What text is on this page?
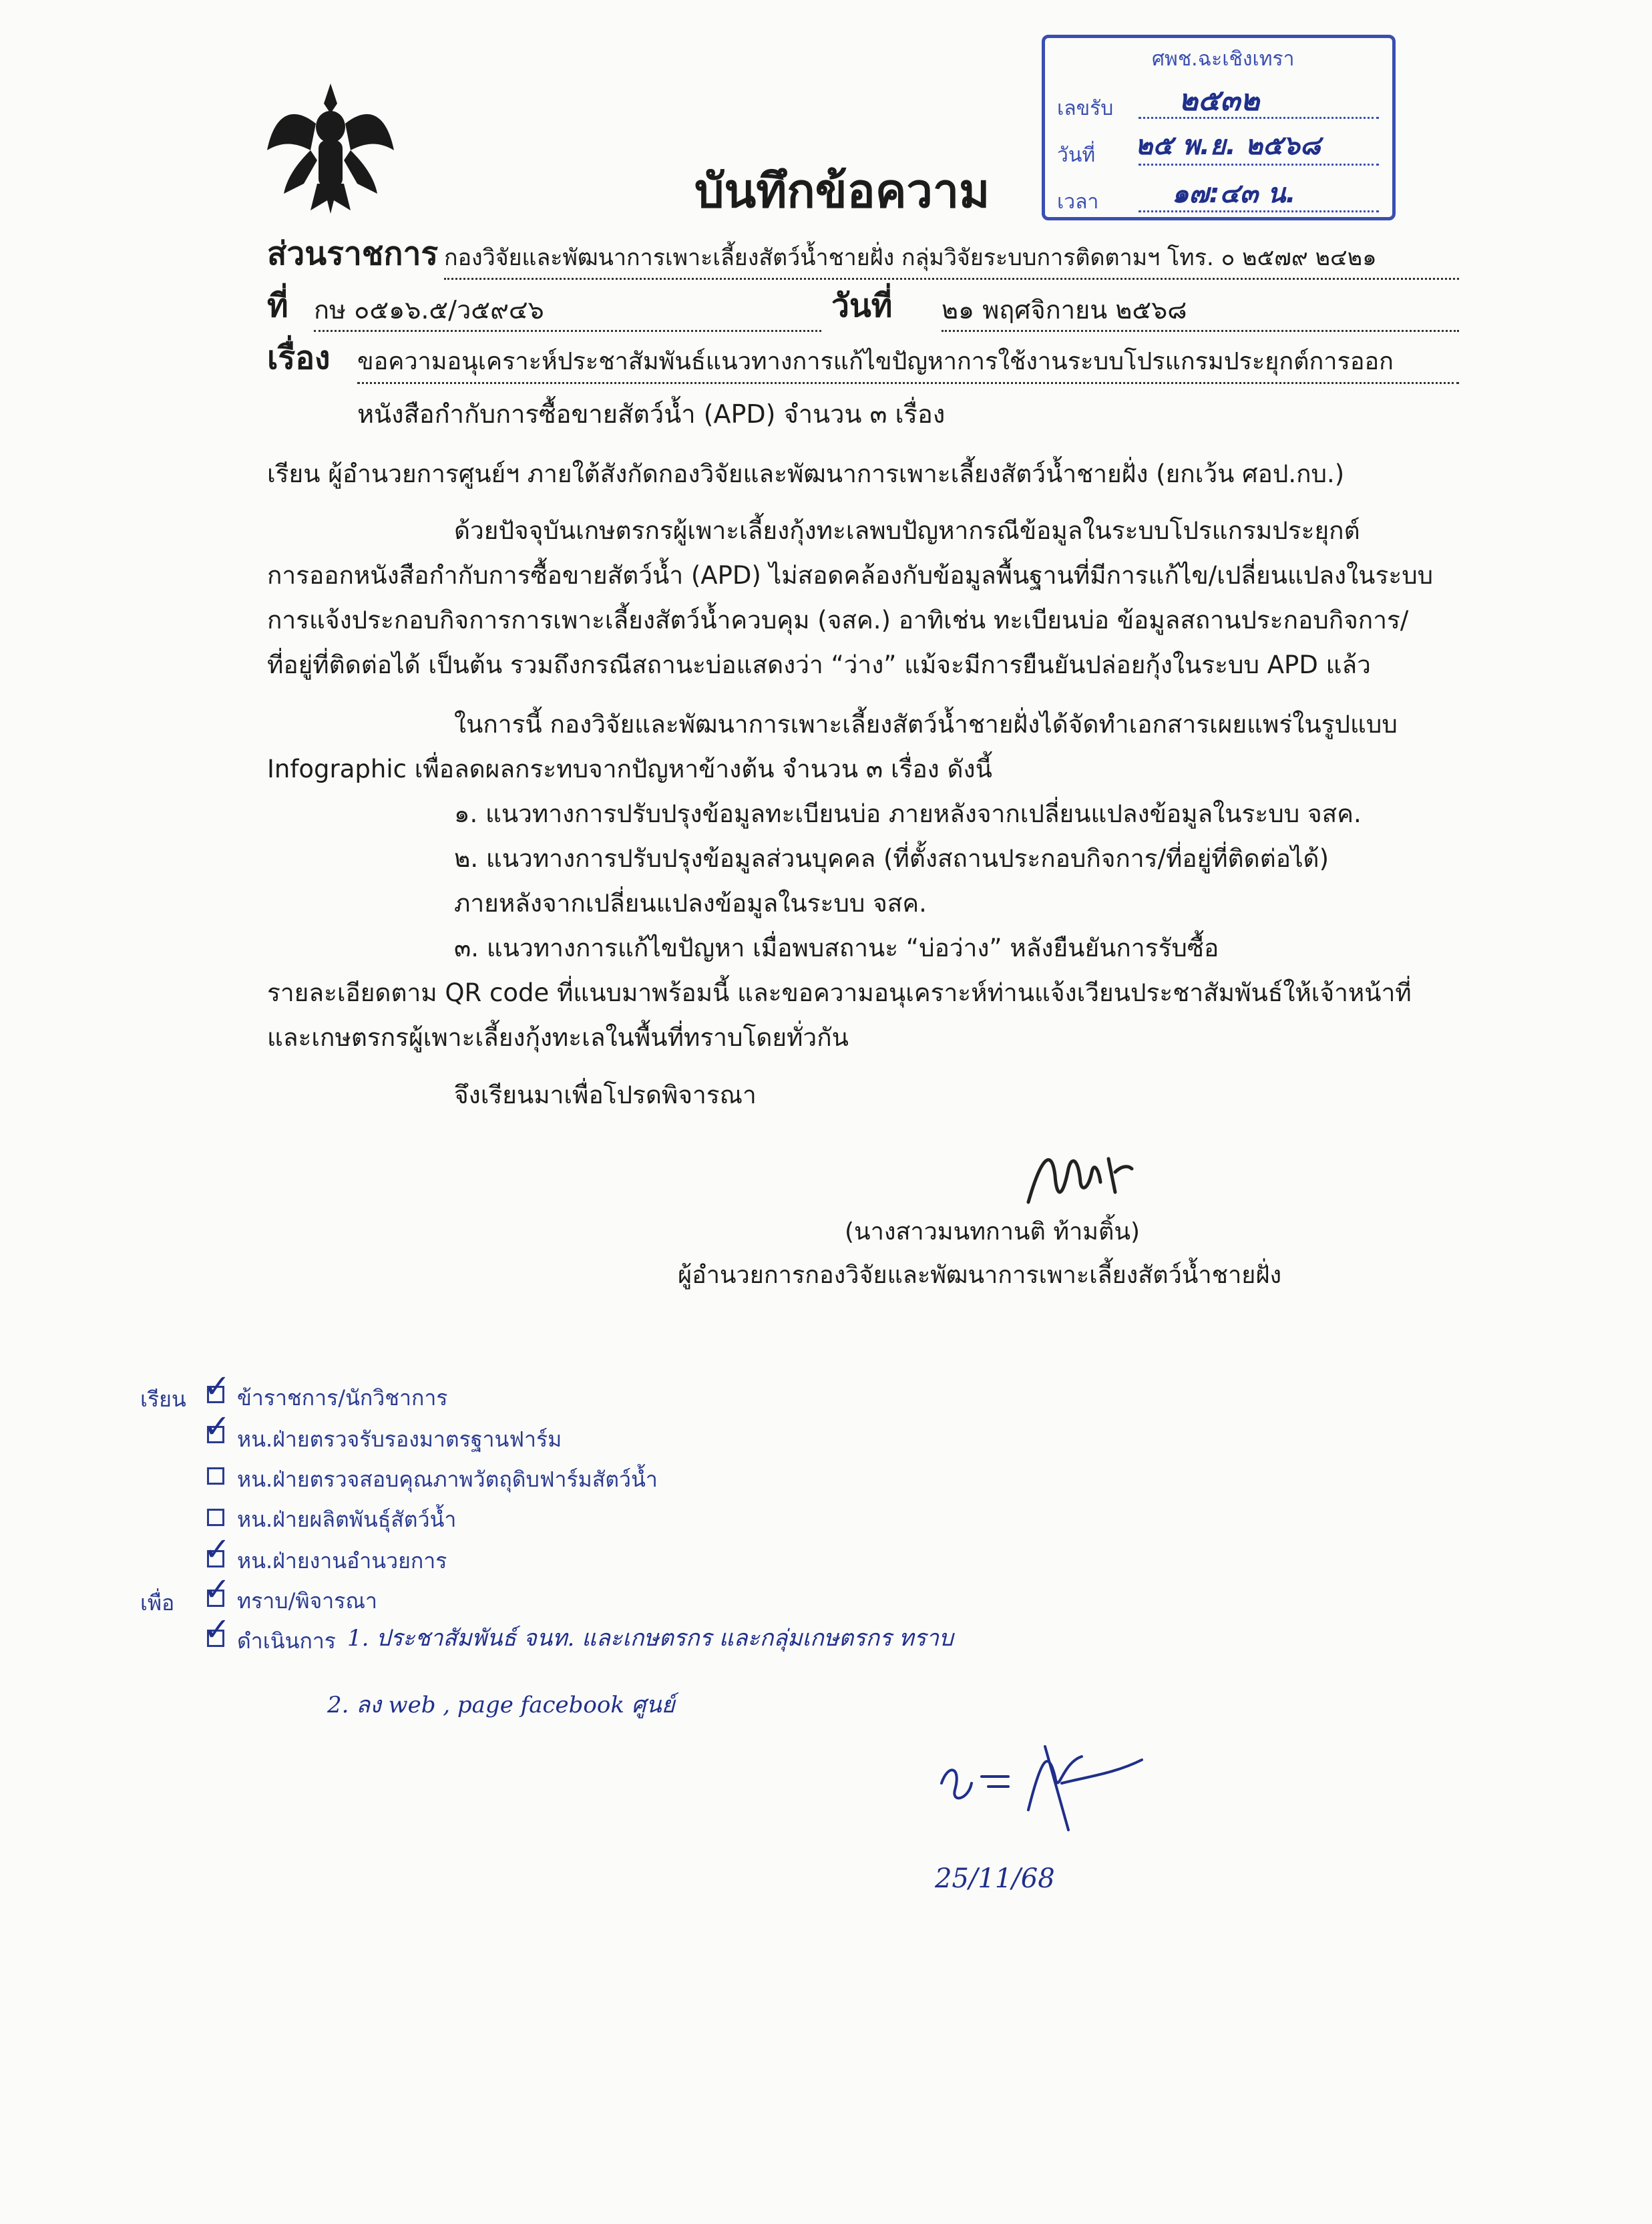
ศพช.ฉะเชิงเทรา
เลขรับ ๒๕๓๒
วันที่ ๒๕ พ.ย. ๒๕๖๘
เวลา	๑๗:๔๓ น.
บันทึกข้อความ
ส่วนราชการ กองวิจัยและพัฒนาการเพาะเลี้ยงสัตว์น้ำชายฝั่ง กลุ่มวิจัยระบบการติดตามฯ โทร. ๐ ๒๕๗๙ ๒๔๒๑
ที่ กษ ๐๕๑๖.๕/ว๕๙๔๖	วันที่ ๒๑ พฤศจิกายน ๒๕๖๘
เรื่อง ขอความอนุเคราะห์ประชาสัมพันธ์แนวทางการแก้ไขปัญหาการใช้งานระบบโปรแกรมประยุกต์การออก
หนังสือกำกับการซื้อขายสัตว์น้ำ (APD) จำนวน ๓ เรื่อง
เรียน ผู้อำนวยการศูนย์ฯ ภายใต้สังกัดกองวิจัยและพัฒนาการเพาะเลี้ยงสัตว์น้ำชายฝั่ง (ยกเว้น ศอป.กบ.)
ด้วยปัจจุบันเกษตรกรผู้เพาะเลี้ยงกุ้งทะเลพบปัญหากรณีข้อมูลในระบบโปรแกรมประยุกต์
การออกหนังสือกำกับการซื้อขายสัตว์น้ำ (APD) ไม่สอดคล้องกับข้อมูลพื้นฐานที่มีการแก้ไข/เปลี่ยนแปลงในระบบ
การแจ้งประกอบกิจการการเพาะเลี้ยงสัตว์น้ำควบคุม (จสค.) อาทิเช่น ทะเบียนบ่อ ข้อมูลสถานประกอบกิจการ/
ที่อยู่ที่ติดต่อได้ เป็นต้น รวมถึงกรณีสถานะบ่อแสดงว่า “ว่าง” แม้จะมีการยืนยันปล่อยกุ้งในระบบ APD แล้ว
ในการนี้ กองวิจัยและพัฒนาการเพาะเลี้ยงสัตว์น้ำชายฝั่งได้จัดทำเอกสารเผยแพร่ในรูปแบบ
Infographic เพื่อลดผลกระทบจากปัญหาข้างต้น จำนวน ๓ เรื่อง ดังนี้
๑. แนวทางการปรับปรุงข้อมูลทะเบียนบ่อ ภายหลังจากเปลี่ยนแปลงข้อมูลในระบบ จสค.
๒. แนวทางการปรับปรุงข้อมูลส่วนบุคคล (ที่ตั้งสถานประกอบกิจการ/ที่อยู่ที่ติดต่อได้)
ภายหลังจากเปลี่ยนแปลงข้อมูลในระบบ จสค.
๓. แนวทางการแก้ไขปัญหา เมื่อพบสถานะ “บ่อว่าง” หลังยืนยันการรับซื้อ
รายละเอียดตาม QR code ที่แนบมาพร้อมนี้ และขอความอนุเคราะห์ท่านแจ้งเวียนประชาสัมพันธ์ให้เจ้าหน้าที่
และเกษตรกรผู้เพาะเลี้ยงกุ้งทะเลในพื้นที่ทราบโดยทั่วกัน
จึงเรียนมาเพื่อโปรดพิจารณา
(นางสาวมนทกานติ ท้ามติ้น)
ผู้อำนวยการกองวิจัยและพัฒนาการเพาะเลี้ยงสัตว์น้ำชายฝั่ง
เรียน ✓ ข้าราชการ/นักวิชาการ
✓ หน.ฝ่ายตรวจรับรองมาตรฐานฟาร์ม
หน.ฝ่ายตรวจสอบคุณภาพวัตถุดิบฟาร์มสัตว์น้ำ
หน.ฝ่ายผลิตพันธุ์สัตว์น้ำ
✓ หน.ฝ่ายงานอำนวยการ
เพื่อ ✓ ทราบ/พิจารณา
✓ ดำเนินการ 1. ประชาสัมพันธ์ จนท. และเกษตรกร และกลุ่มเกษตรกร ทราบ
2. ลง web , page facebook ศูนย์
25/11/68
